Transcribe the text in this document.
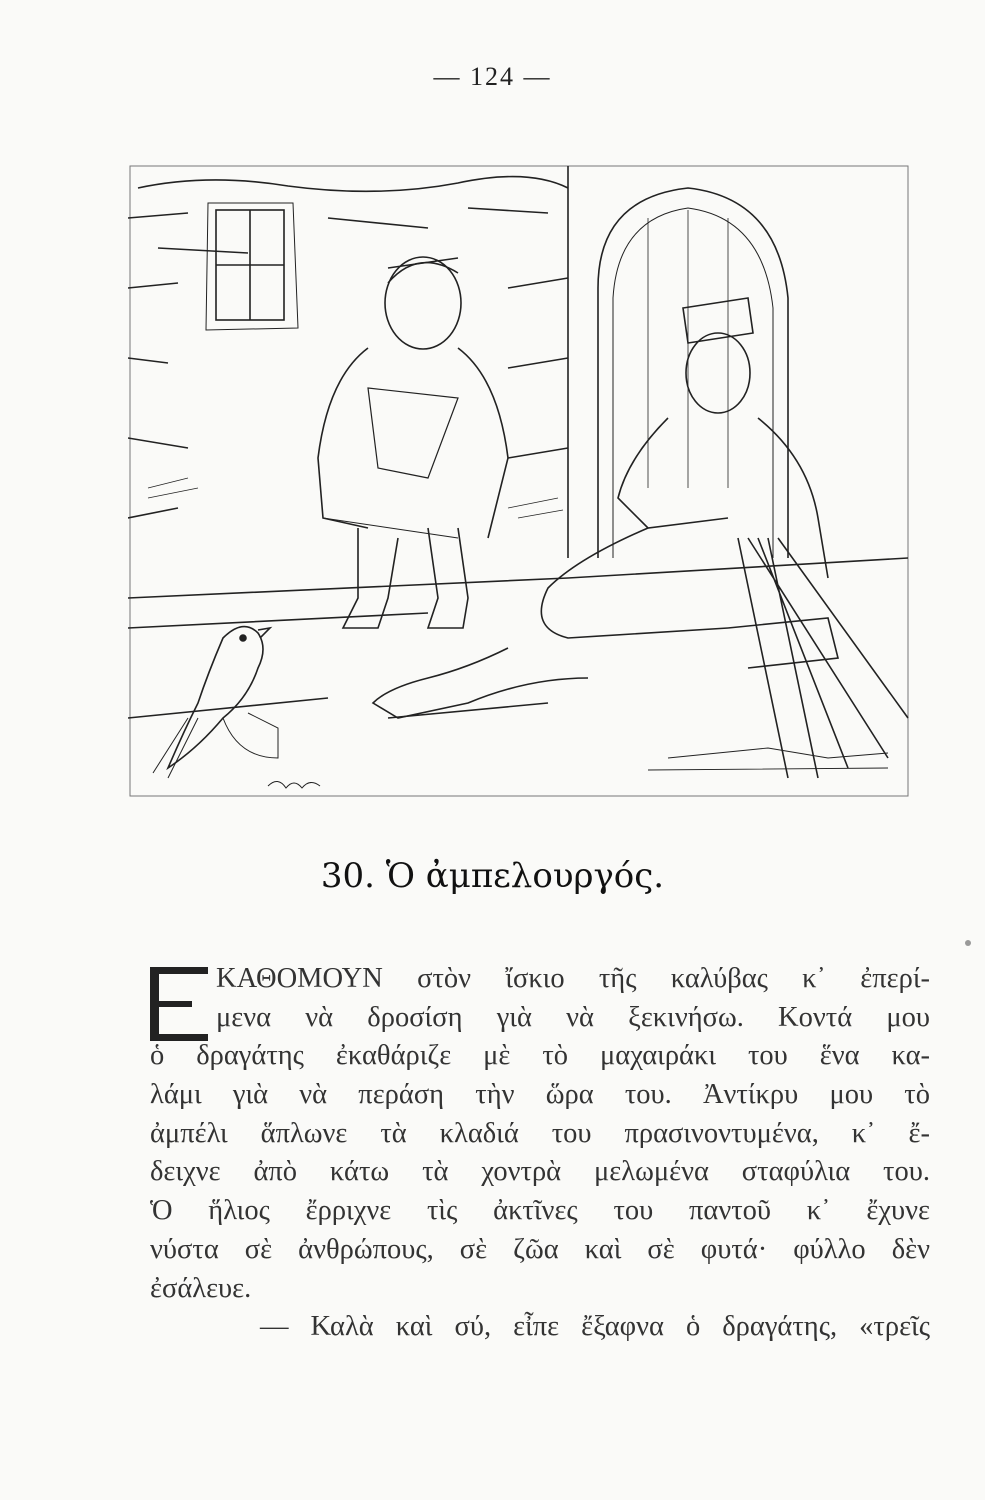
— 124 —
30. Ὁ ἀμπελουργός.
ΚΑΘΟΜΟΥΝ στὸν ἴσκιο τῆς καλύβας κ᾽ ἐπερί-
μενα νὰ δροσίση γιὰ νὰ ξεκινήσω. Κοντά μου
ὁ δραγάτης ἐκαθάριζε μὲ τὸ μαχαιράκι του ἕνα κα-
λάμι γιὰ νὰ περάση τὴν ὥρα του. Ἀντίκρυ μου τὸ
ἀμπέλι ἅπλωνε τὰ κλαδιά του πρασινοντυμένα, κ᾽ ἔ-
δειχνε ἀπὸ κάτω τὰ χοντρὰ μελωμένα σταφύλια του.
Ὁ ἥλιος ἔρριχνε τὶς ἀκτῖνες του παντοῦ κ᾽ ἔχυνε
νύστα σὲ ἀνθρώπους, σὲ ζῶα καὶ σὲ φυτά· φύλλο δὲν
ἐσάλευε.
— Καλὰ καὶ σύ, εἶπε ἔξαφνα ὁ δραγάτης, «τρεῖς
